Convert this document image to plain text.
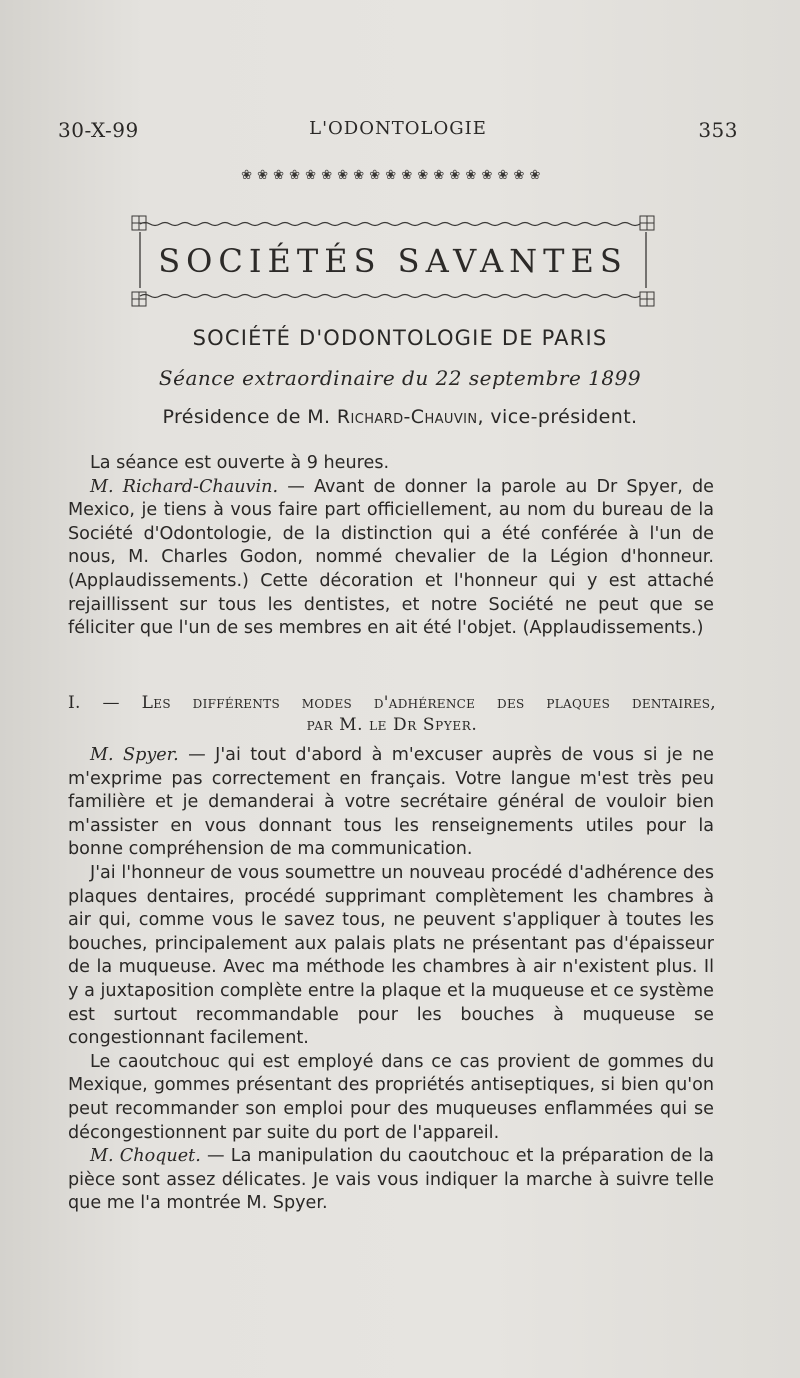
30-X-99	L'ODONTOLOGIE	353
❀ ❀ ❀ ❀ ❀ ❀ ❀ ❀ ❀ ❀ ❀ ❀ ❀ ❀ ❀ ❀ ❀ ❀ ❀
SOCIÉTÉS SAVANTES
SOCIÉTÉ D'ODONTOLOGIE DE PARIS
Séance extraordinaire du 22 septembre 1899
Présidence de M. Richard-Chauvin, vice-président.

La séance est ouverte à 9 heures.

M. Richard-Chauvin. — Avant de donner la parole au Dr Spyer, de Mexico, je tiens à vous faire part officiellement, au nom du bureau de la Société d'Odontologie, de la distinction qui a été conférée à l'un de nous, M. Charles Godon, nommé chevalier de la Légion d'honneur. (Applaudissements.) Cette décoration et l'honneur qui y est attaché rejaillissent sur tous les dentistes, et notre Société ne peut que se féliciter que l'un de ses membres en ait été l'objet. (Applaudissements.)

I. — Les différents modes d'adhérence des plaques dentaires,
par M. le Dr Spyer.

M. Spyer. — J'ai tout d'abord à m'excuser auprès de vous si je ne m'exprime pas correctement en français. Votre langue m'est très peu familière et je demanderai à votre secrétaire général de vouloir bien m'assister en vous donnant tous les renseignements utiles pour la bonne compréhension de ma communication.

J'ai l'honneur de vous soumettre un nouveau procédé d'adhérence des plaques dentaires, procédé supprimant complètement les chambres à air qui, comme vous le savez tous, ne peuvent s'appliquer à toutes les bouches, principalement aux palais plats ne présentant pas d'épaisseur de la muqueuse. Avec ma méthode les chambres à air n'existent plus. Il y a juxtaposition complète entre la plaque et la muqueuse et ce système est surtout recommandable pour les bouches à muqueuse se congestionnant facilement.

Le caoutchouc qui est employé dans ce cas provient de gommes du Mexique, gommes présentant des propriétés antiseptiques, si bien qu'on peut recommander son emploi pour des muqueuses enflammées qui se décongestionnent par suite du port de l'appareil.

M. Choquet. — La manipulation du caoutchouc et la préparation de la pièce sont assez délicates. Je vais vous indiquer la marche à suivre telle que me l'a montrée M. Spyer.
